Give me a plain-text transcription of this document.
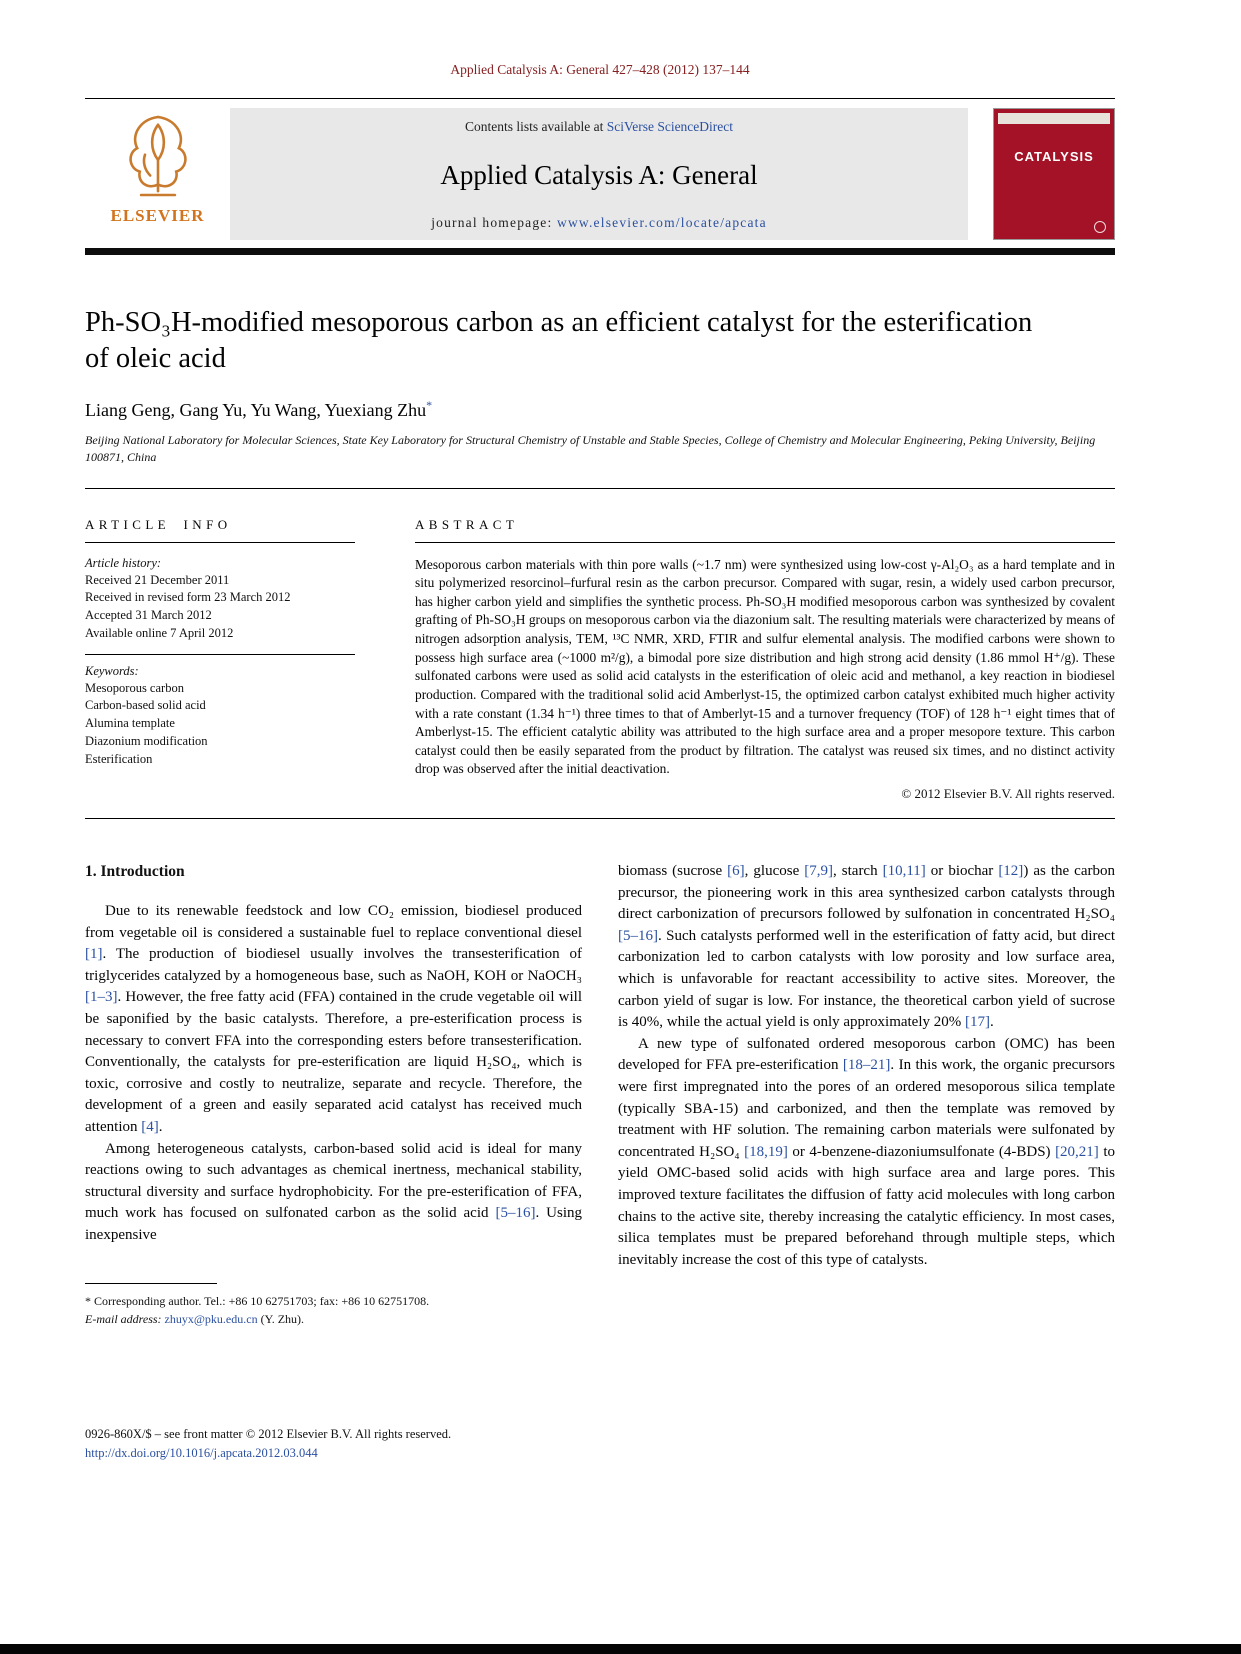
Applied Catalysis A: General 427–428 (2012) 137–144
ELSEVIER
Contents lists available at SciVerse ScienceDirect
Applied Catalysis A: General
journal homepage: www.elsevier.com/locate/apcata
CATALYSIS
Ph-SO₃H-modified mesoporous carbon as an efficient catalyst for the esterification of oleic acid
Liang Geng, Gang Yu, Yu Wang, Yuexiang Zhu*
Beijing National Laboratory for Molecular Sciences, State Key Laboratory for Structural Chemistry of Unstable and Stable Species, College of Chemistry and Molecular Engineering, Peking University, Beijing 100871, China
ARTICLE INFO
Article history:
Received 21 December 2011
Received in revised form 23 March 2012
Accepted 31 March 2012
Available online 7 April 2012
Keywords:
Mesoporous carbon
Carbon-based solid acid
Alumina template
Diazonium modification
Esterification
ABSTRACT

Mesoporous carbon materials with thin pore walls (~1.7 nm) were synthesized using low-cost γ-Al₂O₃ as a hard template and in situ polymerized resorcinol–furfural resin as the carbon precursor. Compared with sugar, resin, a widely used carbon precursor, has higher carbon yield and simplifies the synthetic process. Ph-SO₃H modified mesoporous carbon was synthesized by covalent grafting of Ph-SO₃H groups on mesoporous carbon via the diazonium salt. The resulting materials were characterized by means of nitrogen adsorption analysis, TEM, ¹³C NMR, XRD, FTIR and sulfur elemental analysis. The modified carbons were shown to possess high surface area (~1000 m²/g), a bimodal pore size distribution and high strong acid density (1.86 mmol H⁺/g). These sulfonated carbons were used as solid acid catalysts in the esterification of oleic acid and methanol, a key reaction in biodiesel production. Compared with the traditional solid acid Amberlyst-15, the optimized carbon catalyst exhibited much higher activity with a rate constant (1.34 h⁻¹) three times to that of Amberlyt-15 and a turnover frequency (TOF) of 128 h⁻¹ eight times that of Amberlyst-15. The efficient catalytic ability was attributed to the high surface area and a proper mesopore texture. This carbon catalyst could then be easily separated from the product by filtration. The catalyst was reused six times, and no distinct activity drop was observed after the initial deactivation.

© 2012 Elsevier B.V. All rights reserved.
1. Introduction

Due to its renewable feedstock and low CO₂ emission, biodiesel produced from vegetable oil is considered a sustainable fuel to replace conventional diesel [1]. The production of biodiesel usually involves the transesterification of triglycerides catalyzed by a homogeneous base, such as NaOH, KOH or NaOCH₃ [1–3]. However, the free fatty acid (FFA) contained in the crude vegetable oil will be saponified by the basic catalysts. Therefore, a pre-esterification process is necessary to convert FFA into the corresponding esters before transesterification. Conventionally, the catalysts for pre-esterification are liquid H₂SO₄, which is toxic, corrosive and costly to neutralize, separate and recycle. Therefore, the development of a green and easily separated acid catalyst has received much attention [4].

Among heterogeneous catalysts, carbon-based solid acid is ideal for many reactions owing to such advantages as chemical inertness, mechanical stability, structural diversity and surface hydrophobicity. For the pre-esterification of FFA, much work has focused on sulfonated carbon as the solid acid [5–16]. Using inexpensive

* Corresponding author. Tel.: +86 10 62751703; fax: +86 10 62751708.
E-mail address: zhuyx@pku.edu.cn (Y. Zhu).

biomass (sucrose [6], glucose [7,9], starch [10,11] or biochar [12]) as the carbon precursor, the pioneering work in this area synthesized carbon catalysts through direct carbonization of precursors followed by sulfonation in concentrated H₂SO₄ [5–16]. Such catalysts performed well in the esterification of fatty acid, but direct carbonization led to carbon catalysts with low porosity and low surface area, which is unfavorable for reactant accessibility to active sites. Moreover, the carbon yield of sugar is low. For instance, the theoretical carbon yield of sucrose is 40%, while the actual yield is only approximately 20% [17].

A new type of sulfonated ordered mesoporous carbon (OMC) has been developed for FFA pre-esterification [18–21]. In this work, the organic precursors were first impregnated into the pores of an ordered mesoporous silica template (typically SBA-15) and carbonized, and then the template was removed by treatment with HF solution. The remaining carbon materials were sulfonated by concentrated H₂SO₄ [18,19] or 4-benzene-diazoniumsulfonate (4-BDS) [20,21] to yield OMC-based solid acids with high surface area and large pores. This improved texture facilitates the diffusion of fatty acid molecules with long carbon chains to the active site, thereby increasing the catalytic efficiency. In most cases, silica templates must be prepared beforehand through multiple steps, which inevitably increase the cost of this type of catalysts.

0926-860X/$ – see front matter © 2012 Elsevier B.V. All rights reserved.
http://dx.doi.org/10.1016/j.apcata.2012.03.044
